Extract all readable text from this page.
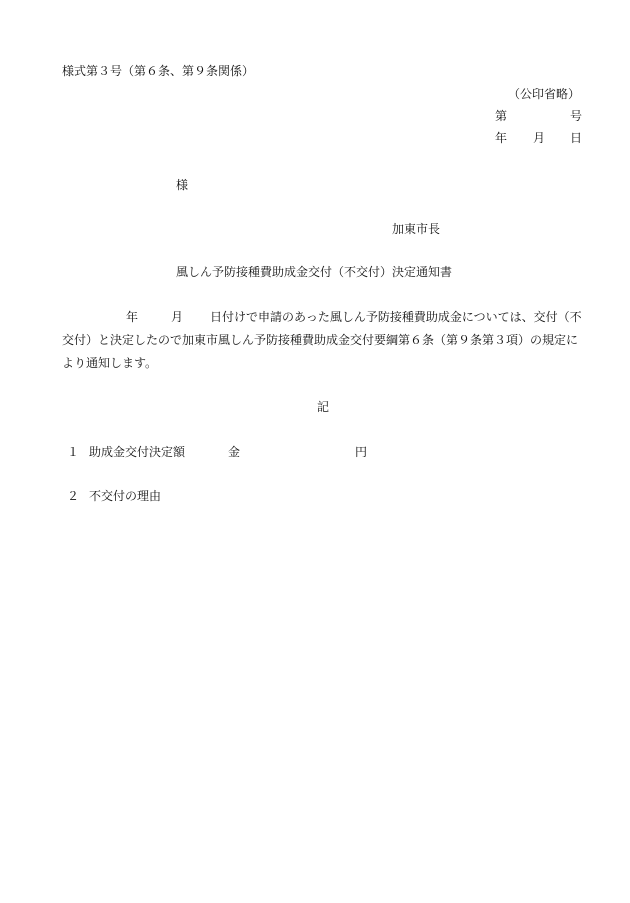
様式第３号（第６条、第９条関係）
（公印省略）
第	号
年 月 日
様
加東市長
風しん予防接種費助成金交付（不交付）決定通知書
年	月 日付けで申請のあった風しん予防接種費助成金については、交付（不交付）と決定したので加東市風しん予防接種費助成金交付要綱第６条（第９条第３項）の規定により通知します。
記
１ 助成金交付決定額	金	円
２ 不交付の理由
